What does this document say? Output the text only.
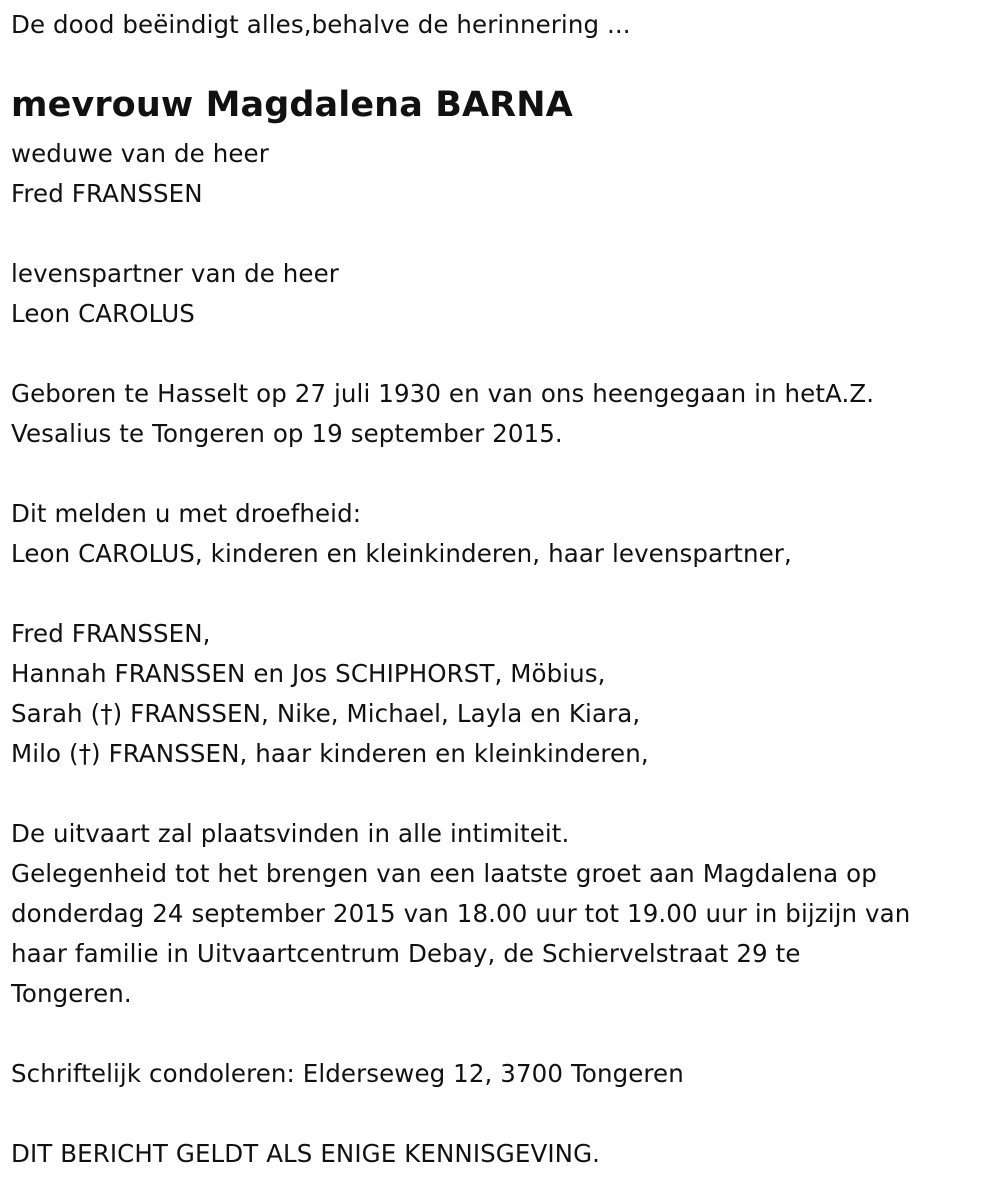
De dood beëindigt alles,behalve de herinnering ...
mevrouw Magdalena BARNA
weduwe van de heer
Fred FRANSSEN
levenspartner van de heer
Leon CAROLUS
Geboren te Hasselt op 27 juli 1930 en van ons heengegaan in hetA.Z.
Vesalius te Tongeren op 19 september 2015.
Dit melden u met droefheid:
Leon CAROLUS, kinderen en kleinkinderen, haar levenspartner,
Fred FRANSSEN,
Hannah FRANSSEN en Jos SCHIPHORST, Möbius,
Sarah (†) FRANSSEN, Nike, Michael, Layla en Kiara,
Milo (†) FRANSSEN, haar kinderen en kleinkinderen,
De uitvaart zal plaatsvinden in alle intimiteit.
Gelegenheid tot het brengen van een laatste groet aan Magdalena op
donderdag 24 september 2015 van 18.00 uur tot 19.00 uur in bijzijn van
haar familie in Uitvaartcentrum Debay, de Schiervelstraat 29 te
Tongeren.
Schriftelijk condoleren: Elderseweg 12, 3700 Tongeren
DIT BERICHT GELDT ALS ENIGE KENNISGEVING.
